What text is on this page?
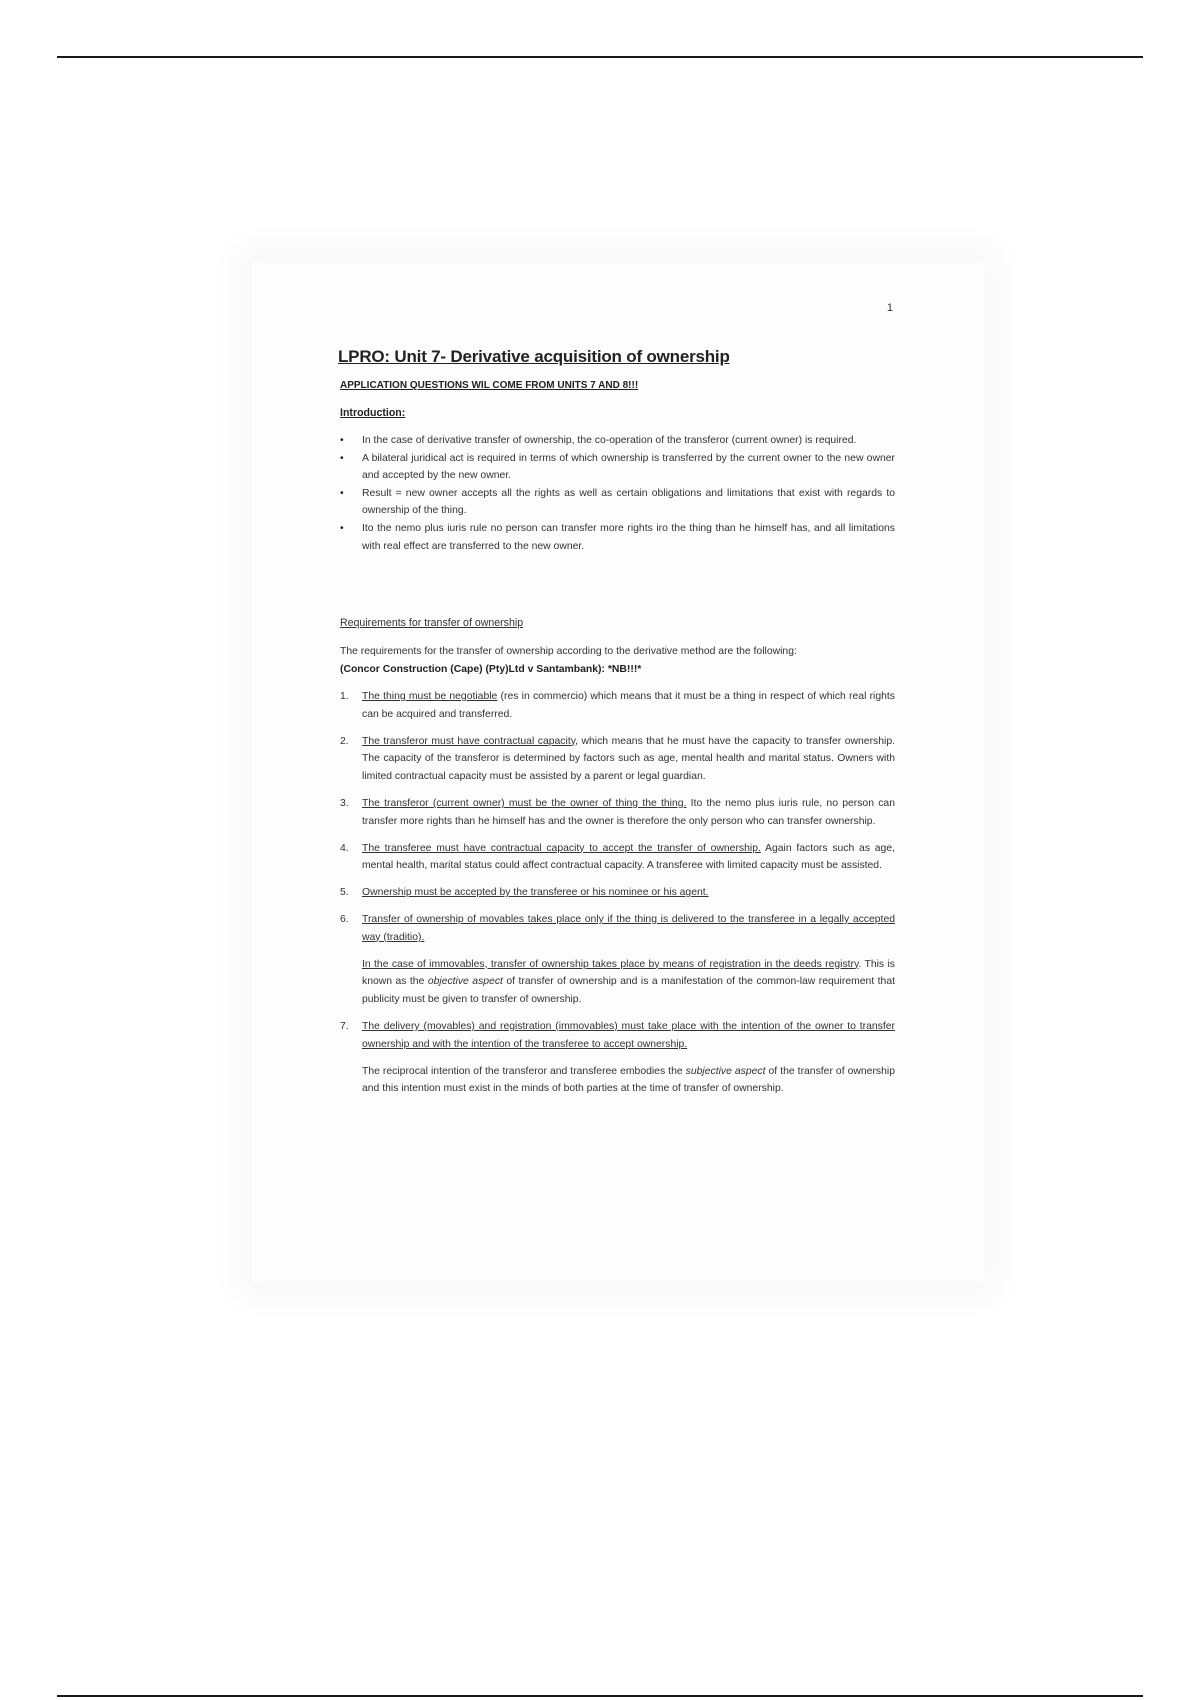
1
LPRO: Unit 7- Derivative acquisition of ownership
APPLICATION QUESTIONS WIL COME FROM UNITS 7 AND 8!!!
Introduction:
• In the case of derivative transfer of ownership, the co-operation of the transferor (current owner) is required.
• A bilateral juridical act is required in terms of which ownership is transferred by the current owner to the new owner and accepted by the new owner.
• Result = new owner accepts all the rights as well as certain obligations and limitations that exist with regards to ownership of the thing.
• Ito the nemo plus iuris rule no person can transfer more rights iro the thing than he himself has, and all limitations with real effect are transferred to the new owner.
Requirements for transfer of ownership
The requirements for the transfer of ownership according to the derivative method are the following:
(Concor Construction (Cape) (Pty)Ltd v Santambank): *NB!!!*
1. The thing must be negotiable (res in commercio) which means that it must be a thing in respect of which real rights can be acquired and transferred.
2. The transferor must have contractual capacity, which means that he must have the capacity to transfer ownership. The capacity of the transferor is determined by factors such as age, mental health and marital status. Owners with limited contractual capacity must be assisted by a parent or legal guardian.
3. The transferor (current owner) must be the owner of thing the thing. Ito the nemo plus iuris rule, no person can transfer more rights than he himself has and the owner is therefore the only person who can transfer ownership.
4. The transferee must have contractual capacity to accept the transfer of ownership. Again factors such as age, mental health, marital status could affect contractual capacity. A transferee with limited capacity must be assisted.
5. Ownership must be accepted by the transferee or his nominee or his agent.
6. Transfer of ownership of movables takes place only if the thing is delivered to the transferee in a legally accepted way (traditio).
In the case of immovables, transfer of ownership takes place by means of registration in the deeds registry. This is known as the objective aspect of transfer of ownership and is a manifestation of the common-law requirement that publicity must be given to transfer of ownership.
7. The delivery (movables) and registration (immovables) must take place with the intention of the owner to transfer ownership and with the intention of the transferee to accept ownership.
The reciprocal intention of the transferor and transferee embodies the subjective aspect of the transfer of ownership and this intention must exist in the minds of both parties at the time of transfer of ownership.
